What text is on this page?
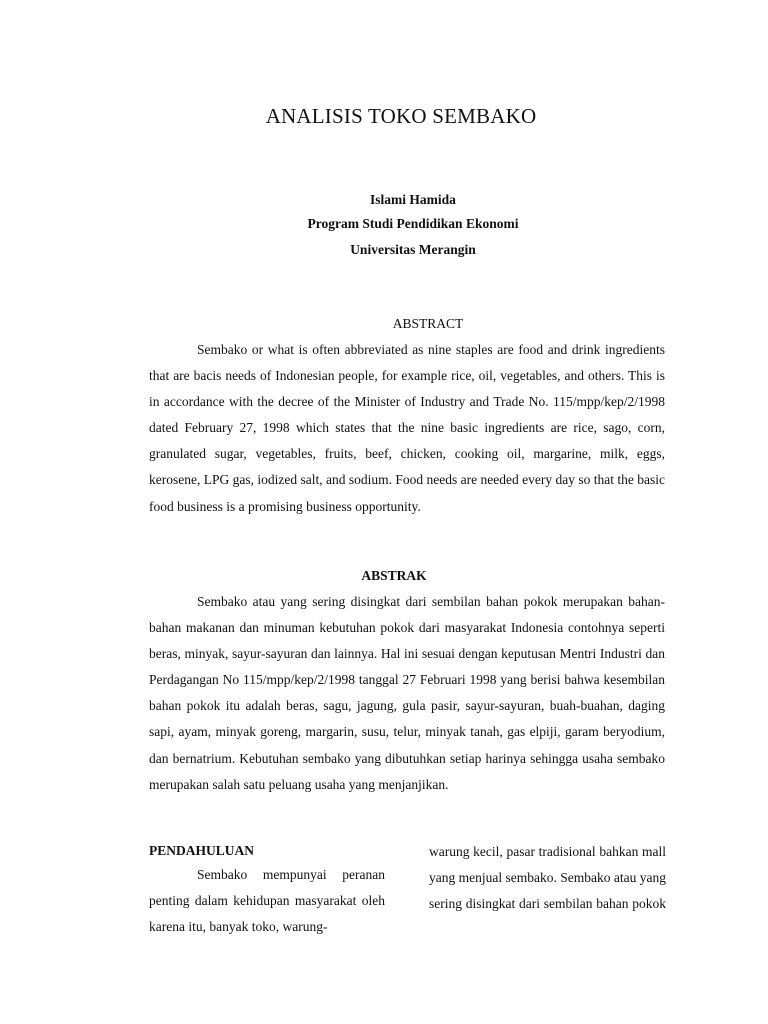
ANALISIS TOKO SEMBAKO

Islami Hamida

Program Studi Pendidikan Ekonomi

Universitas Merangin

ABSTRACT

Sembako or what is often abbreviated as nine staples are food and drink ingredients that are bacis needs of Indonesian people, for example rice, oil, vegetables, and others. This is in accordance with the decree of the Minister of Industry and Trade No. 115/mpp/kep/2/1998 dated February 27, 1998 which states that the nine basic ingredients are rice, sago, corn, granulated sugar, vegetables, fruits, beef, chicken, cooking oil, margarine, milk, eggs, kerosene, LPG gas, iodized salt, and sodium. Food needs are needed every day so that the basic food business is a promising business opportunity.

ABSTRAK

Sembako atau yang sering disingkat dari sembilan bahan pokok merupakan bahan-bahan makanan dan minuman kebutuhan pokok dari masyarakat Indonesia contohnya seperti beras, minyak, sayur-sayuran dan lainnya. Hal ini sesuai dengan keputusan Mentri Industri dan Perdagangan No 115/mpp/kep/2/1998 tanggal 27 Februari 1998 yang berisi bahwa kesembilan bahan pokok itu adalah beras, sagu, jagung, gula pasir, sayur-sayuran, buah-buahan, daging sapi, ayam, minyak goreng, margarin, susu, telur, minyak tanah, gas elpiji, garam beryodium, dan bernatrium. Kebutuhan sembako yang dibutuhkan setiap harinya sehingga usaha sembako merupakan salah satu peluang usaha yang menjanjikan.

PENDAHULUAN

Sembako mempunyai peranan penting dalam kehidupan masyarakat oleh karena itu, banyak toko, warung-

warung kecil, pasar tradisional bahkan mall yang menjual sembako. Sembako atau yang sering disingkat dari sembilan bahan pokok
